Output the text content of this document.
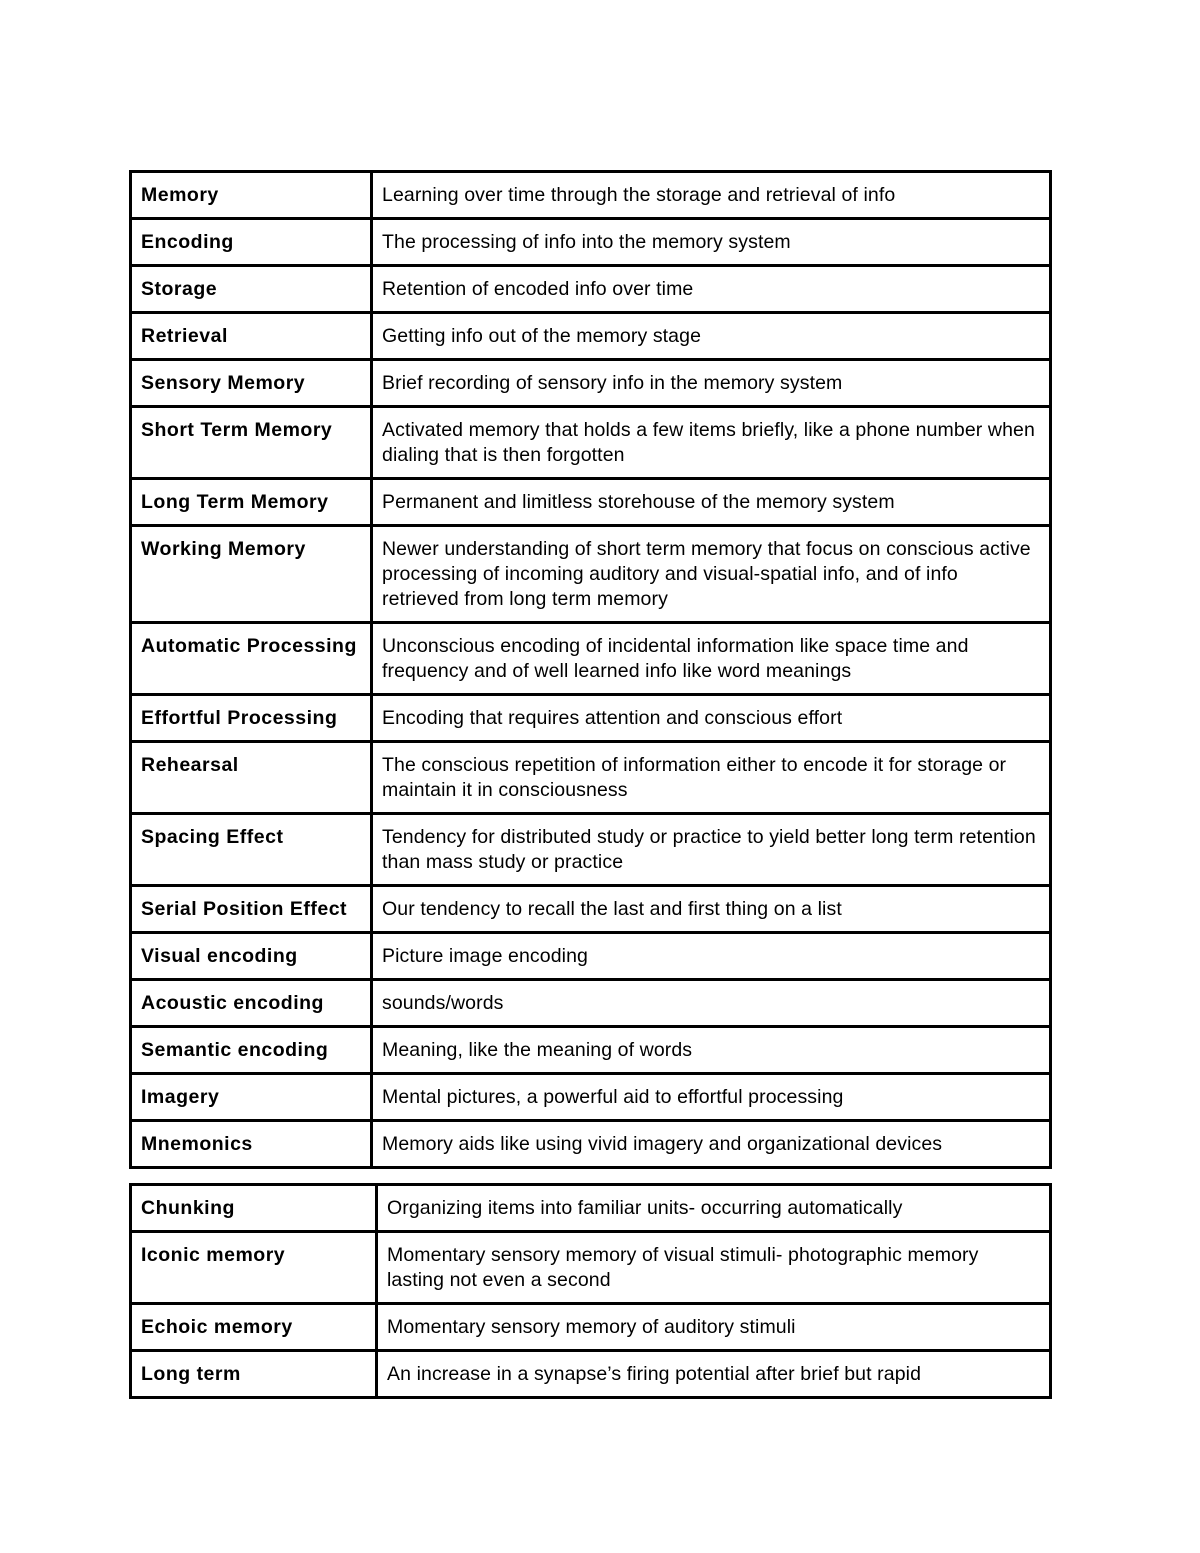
Memory	Learning over time through the storage and retrieval of info
Encoding	The processing of info into the memory system
Storage	Retention of encoded info over time
Retrieval	Getting info out of the memory stage
Sensory Memory	Brief recording of sensory info in the memory system
Short Term Memory	Activated memory that holds a few items briefly, like a phone number when dialing that is then forgotten
Long Term Memory	Permanent and limitless storehouse of the memory system
Working Memory	Newer understanding of short term memory that focus on conscious active processing of incoming auditory and visual-spatial info, and of info retrieved from long term memory
Automatic Processing	Unconscious encoding of incidental information like space time and frequency and of well learned info like word meanings
Effortful Processing	Encoding that requires attention and conscious effort
Rehearsal	The conscious repetition of information either to encode it for storage or maintain it in consciousness
Spacing Effect	Tendency for distributed study or practice to yield better long term retention than mass study or practice
Serial Position Effect	Our tendency to recall the last and first thing on a list
Visual encoding	Picture image encoding
Acoustic encoding	sounds/words
Semantic encoding	Meaning, like the meaning of words
Imagery	Mental pictures, a powerful aid to effortful processing
Mnemonics	Memory aids like using vivid imagery and organizational devices
Chunking	Organizing items into familiar units- occurring automatically
Iconic memory	Momentary sensory memory of visual stimuli- photographic memory lasting not even a second
Echoic memory	Momentary sensory memory of auditory stimuli
Long term	An increase in a synapse’s firing potential after brief but rapid
